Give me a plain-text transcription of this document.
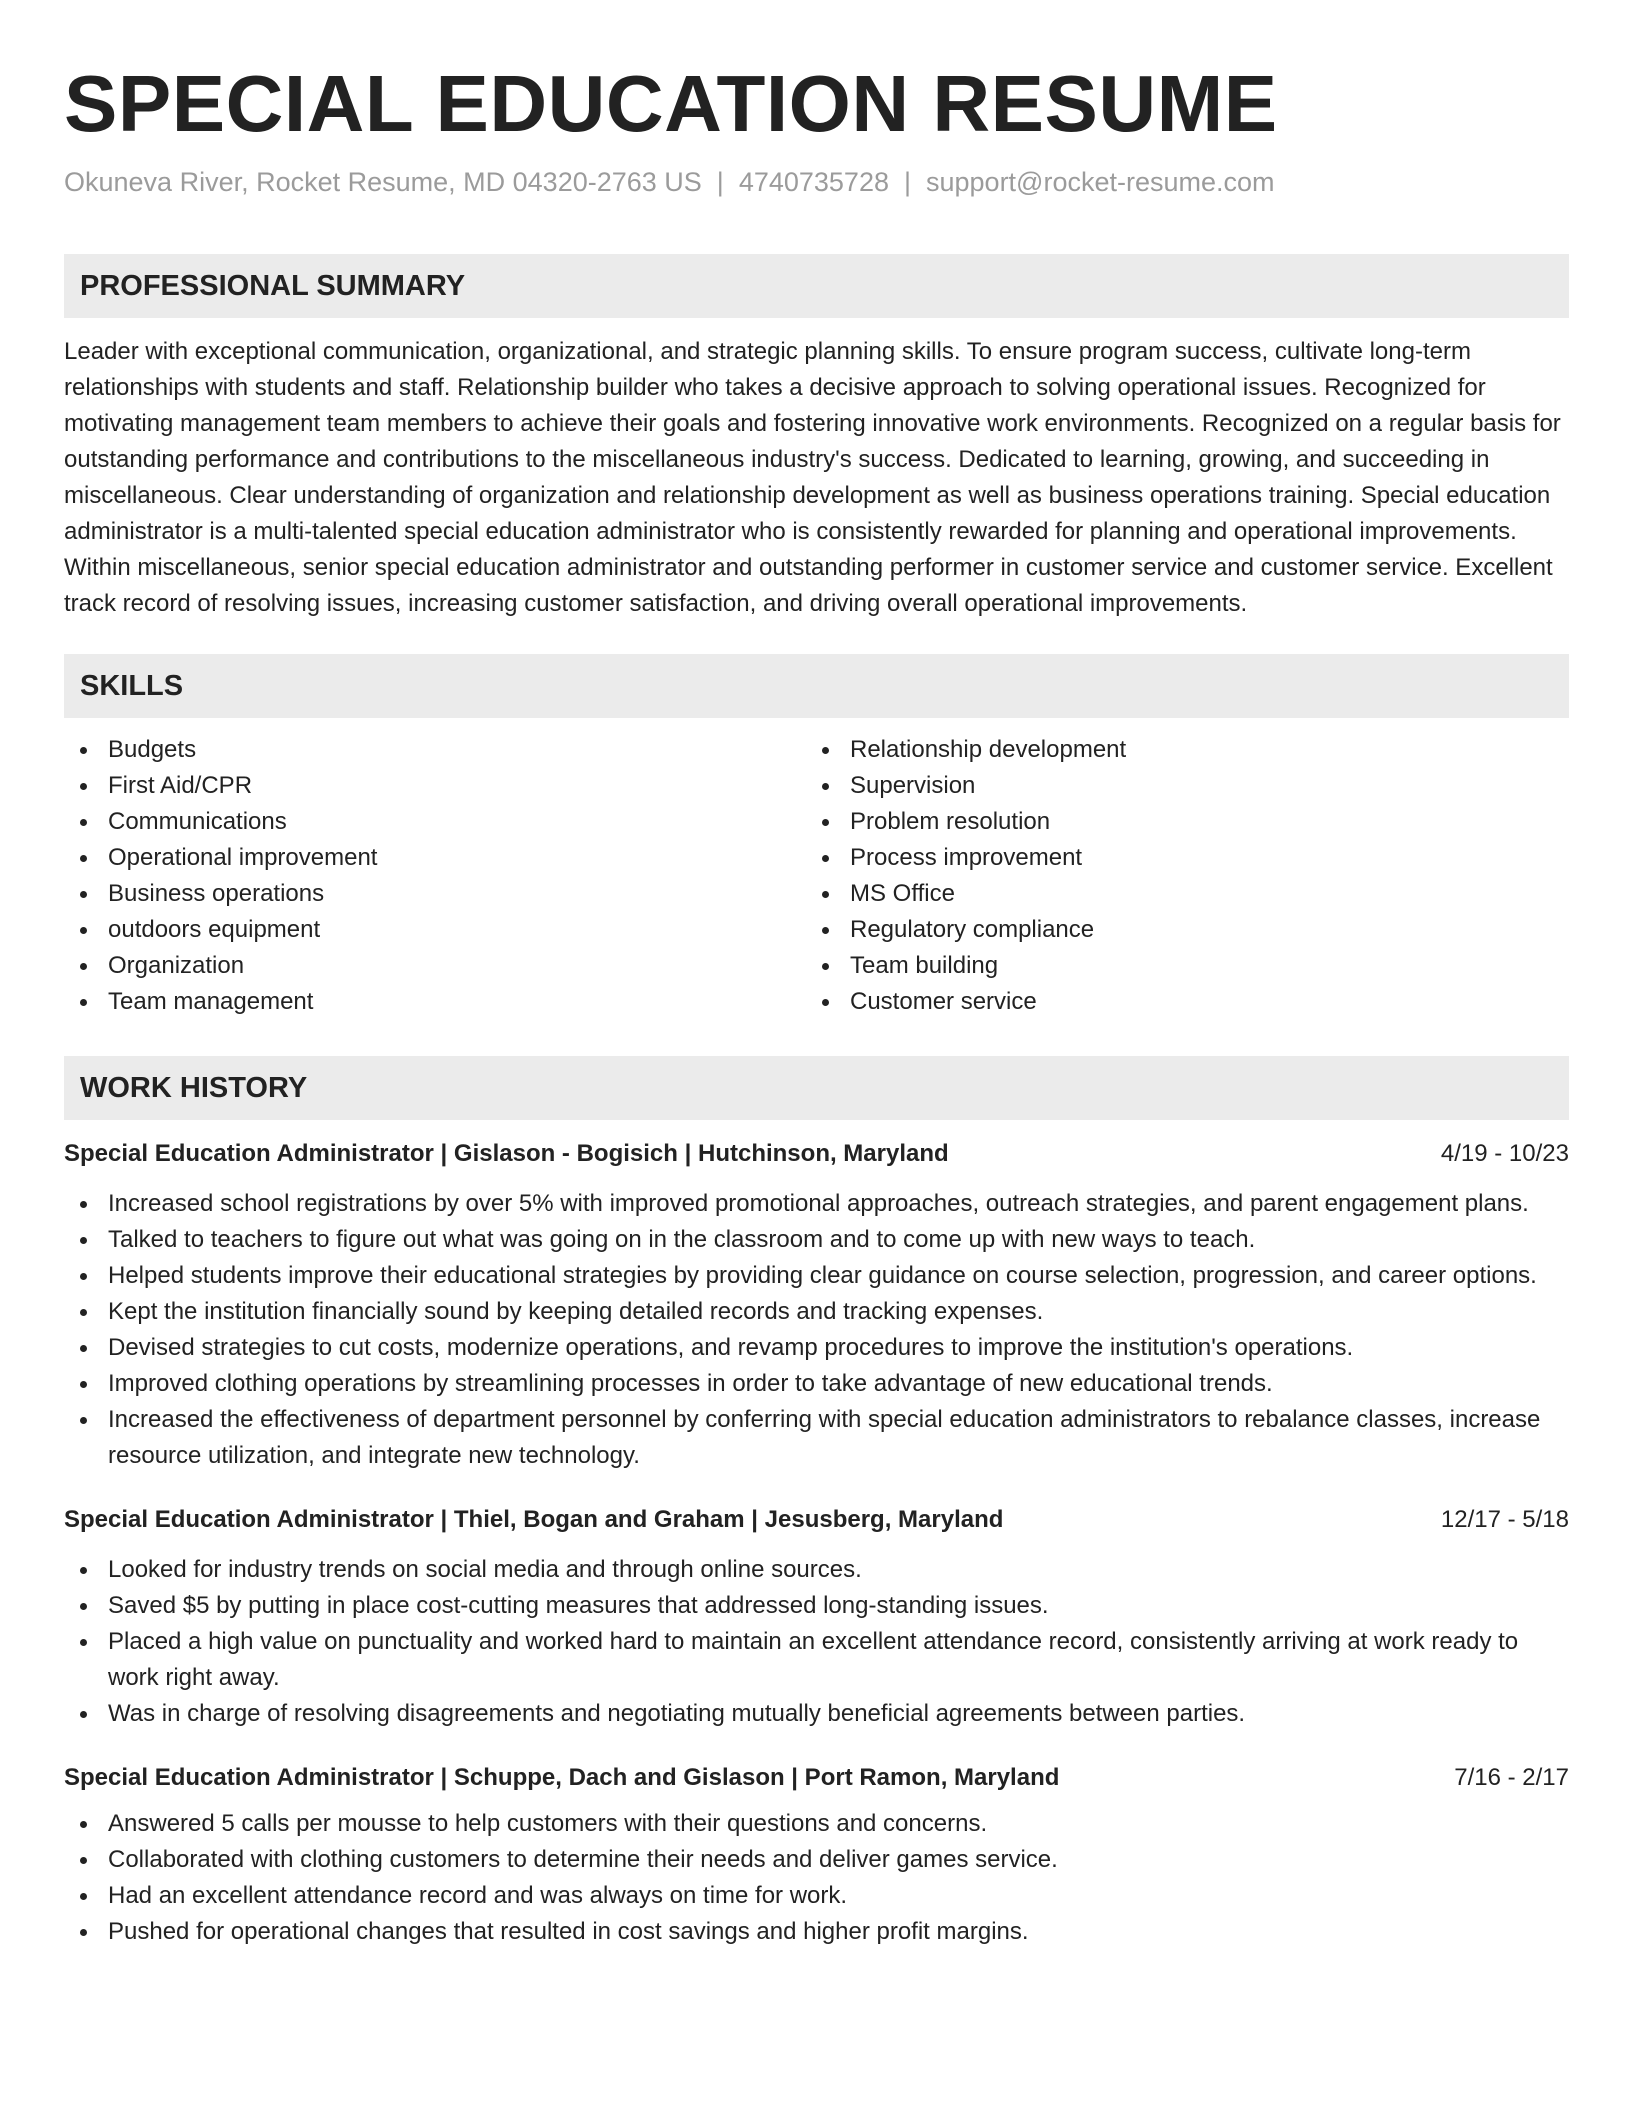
SPECIAL EDUCATION RESUME
Okuneva River, Rocket Resume, MD 04320-2763 US | 4740735728 | support@rocket-resume.com
PROFESSIONAL SUMMARY

Leader with exceptional communication, organizational, and strategic planning skills. To ensure program success, cultivate long-term relationships with students and staff. Relationship builder who takes a decisive approach to solving operational issues. Recognized for motivating management team members to achieve their goals and fostering innovative work environments. Recognized on a regular basis for outstanding performance and contributions to the miscellaneous industry's success. Dedicated to learning, growing, and succeeding in miscellaneous. Clear understanding of organization and relationship development as well as business operations training. Special education administrator is a multi-talented special education administrator who is consistently rewarded for planning and operational improvements. Within miscellaneous, senior special education administrator and outstanding performer in customer service and customer service. Excellent track record of resolving issues, increasing customer satisfaction, and driving overall operational improvements.

SKILLS
Budgets
First Aid/CPR
Communications
Operational improvement
Business operations
outdoors equipment
Organization
Team management
Relationship development
Supervision
Problem resolution
Process improvement
MS Office
Regulatory compliance
Team building
Customer service
WORK HISTORY
Special Education Administrator | Gislason - Bogisich | Hutchinson, Maryland	4/19 - 10/23
Increased school registrations by over 5% with improved promotional approaches, outreach strategies, and parent engagement plans.
Talked to teachers to figure out what was going on in the classroom and to come up with new ways to teach.
Helped students improve their educational strategies by providing clear guidance on course selection, progression, and career options.
Kept the institution financially sound by keeping detailed records and tracking expenses.
Devised strategies to cut costs, modernize operations, and revamp procedures to improve the institution's operations.
Improved clothing operations by streamlining processes in order to take advantage of new educational trends.
Increased the effectiveness of department personnel by conferring with special education administrators to rebalance classes, increase resource utilization, and integrate new technology.
Special Education Administrator | Thiel, Bogan and Graham | Jesusberg, Maryland	12/17 - 5/18
Looked for industry trends on social media and through online sources.
Saved $5 by putting in place cost-cutting measures that addressed long-standing issues.
Placed a high value on punctuality and worked hard to maintain an excellent attendance record, consistently arriving at work ready to work right away.
Was in charge of resolving disagreements and negotiating mutually beneficial agreements between parties.
Special Education Administrator | Schuppe, Dach and Gislason | Port Ramon, Maryland	7/16 - 2/17
Answered 5 calls per mousse to help customers with their questions and concerns.
Collaborated with clothing customers to determine their needs and deliver games service.
Had an excellent attendance record and was always on time for work.
Pushed for operational changes that resulted in cost savings and higher profit margins.
